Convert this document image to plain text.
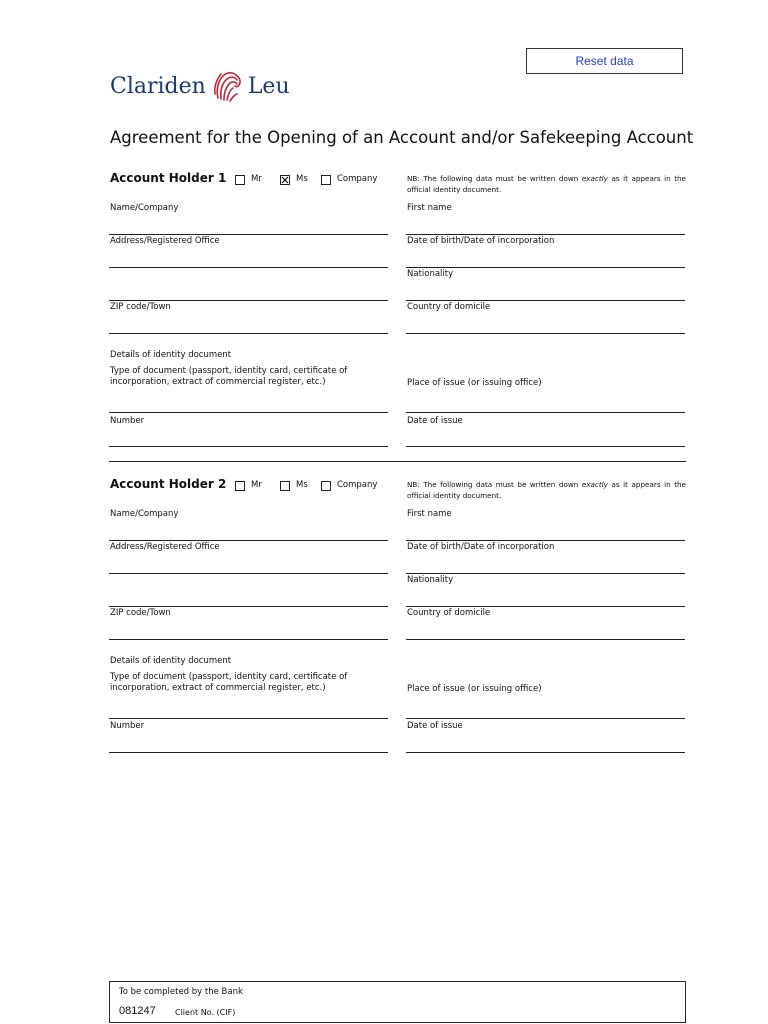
Reset data
Clariden Leu
Agreement for the Opening of an Account and/or Safekeeping Account
Account Holder 1	Mr	Ms	Company	NB: The following data must be written down exactly as it appears in the official identity document.
Name/Company	First name
Address/Registered Office	Date of birth/Date of incorporation
Nationality
ZIP code/Town	Country of domicile
Details of identity document
Type of document (passport, identity card, certificate of incorporation, extract of commercial register, etc.)	Place of issue (or issuing office)
Number	Date of issue
Account Holder 2	Mr	Ms	Company	NB: The following data must be written down exactly as it appears in the official identity document.
Name/Company	First name
Address/Registered Office	Date of birth/Date of incorporation
Nationality
ZIP code/Town	Country of domicile
Details of identity document
Type of document (passport, identity card, certificate of incorporation, extract of commercial register, etc.)	Place of issue (or issuing office)
Number	Date of issue
To be completed by the Bank
081247 Client No. (CIF)
